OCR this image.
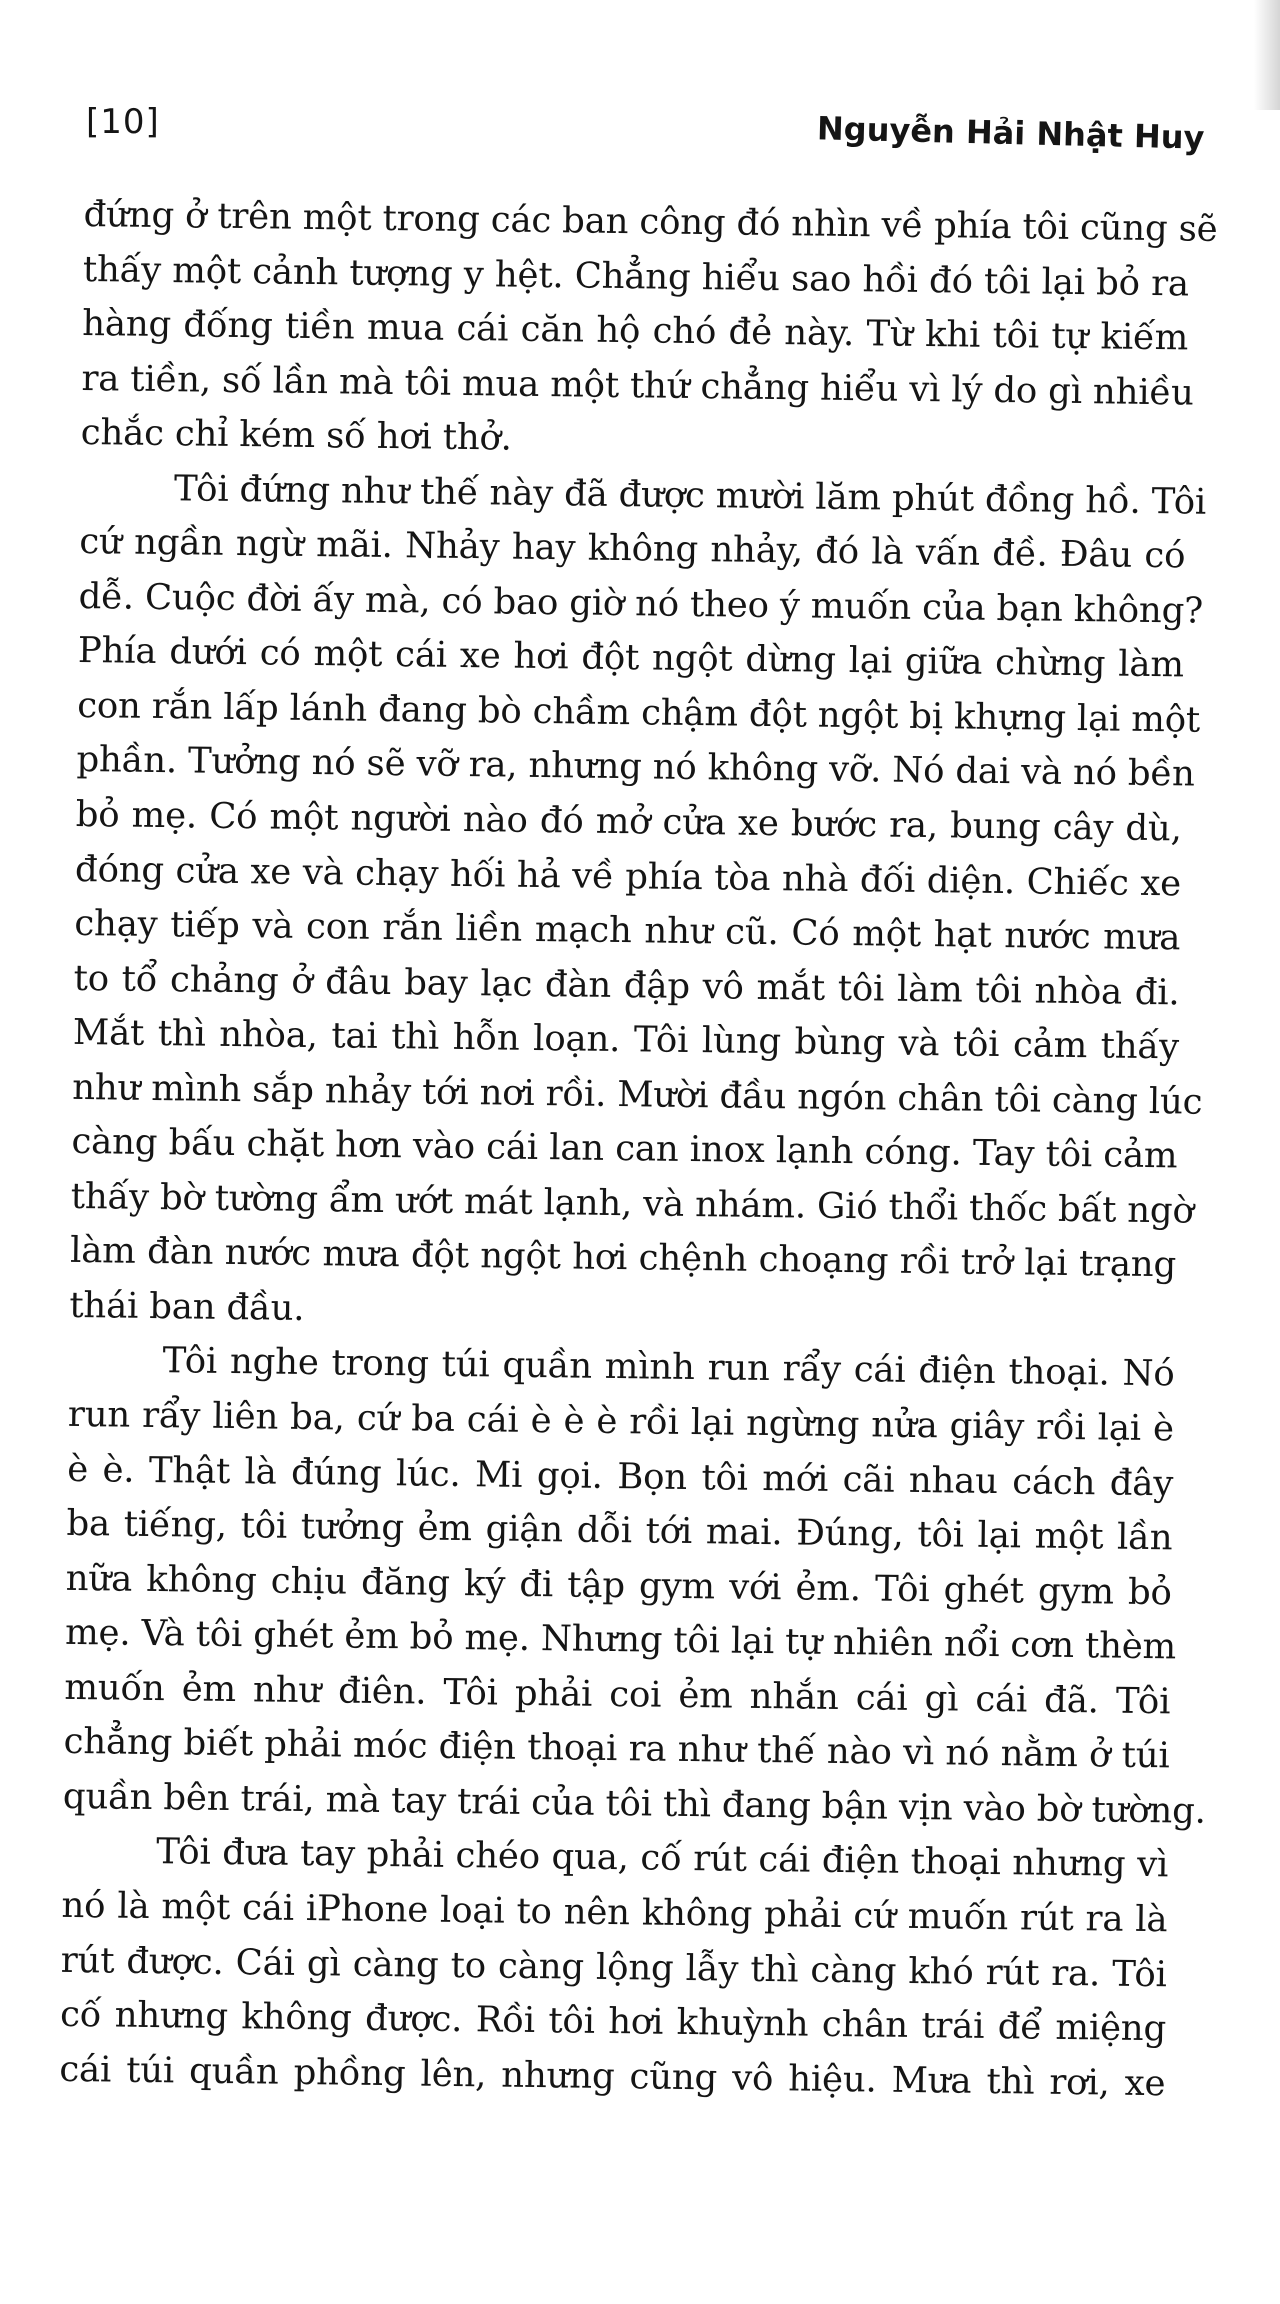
[10]	Nguyễn Hải Nhật Huy
đứng ở trên một trong các ban công đó nhìn về phía tôi cũng sẽ
thấy một cảnh tượng y hệt. Chẳng hiểu sao hồi đó tôi lại bỏ ra
hàng đống tiền mua cái căn hộ chó đẻ này. Từ khi tôi tự kiếm
ra tiền, số lần mà tôi mua một thứ chẳng hiểu vì lý do gì nhiều
chắc chỉ kém số hơi thở.
Tôi đứng như thế này đã được mười lăm phút đồng hồ. Tôi
cứ ngần ngừ mãi. Nhảy hay không nhảy, đó là vấn đề. Đâu có
dễ. Cuộc đời ấy mà, có bao giờ nó theo ý muốn của bạn không?
Phía dưới có một cái xe hơi đột ngột dừng lại giữa chừng làm
con rắn lấp lánh đang bò chầm chậm đột ngột bị khựng lại một
phần. Tưởng nó sẽ vỡ ra, nhưng nó không vỡ. Nó dai và nó bền
bỏ mẹ. Có một người nào đó mở cửa xe bước ra, bung cây dù,
đóng cửa xe và chạy hối hả về phía tòa nhà đối diện. Chiếc xe
chạy tiếp và con rắn liền mạch như cũ. Có một hạt nước mưa
to tổ chảng ở đâu bay lạc đàn đập vô mắt tôi làm tôi nhòa đi.
Mắt thì nhòa, tai thì hỗn loạn. Tôi lùng bùng và tôi cảm thấy
như mình sắp nhảy tới nơi rồi. Mười đầu ngón chân tôi càng lúc
càng bấu chặt hơn vào cái lan can inox lạnh cóng. Tay tôi cảm
thấy bờ tường ẩm ướt mát lạnh, và nhám. Gió thổi thốc bất ngờ
làm đàn nước mưa đột ngột hơi chệnh choạng rồi trở lại trạng
thái ban đầu.
Tôi nghe trong túi quần mình run rẩy cái điện thoại. Nó
run rẩy liên ba, cứ ba cái è è è rồi lại ngừng nửa giây rồi lại è
è è. Thật là đúng lúc. Mi gọi. Bọn tôi mới cãi nhau cách đây
ba tiếng, tôi tưởng ẻm giận dỗi tới mai. Đúng, tôi lại một lần
nữa không chịu đăng ký đi tập gym với ẻm. Tôi ghét gym bỏ
mẹ. Và tôi ghét ẻm bỏ mẹ. Nhưng tôi lại tự nhiên nổi cơn thèm
muốn ẻm như điên. Tôi phải coi ẻm nhắn cái gì cái đã. Tôi
chẳng biết phải móc điện thoại ra như thế nào vì nó nằm ở túi
quần bên trái, mà tay trái của tôi thì đang bận vịn vào bờ tường.
Tôi đưa tay phải chéo qua, cố rút cái điện thoại nhưng vì
nó là một cái iPhone loại to nên không phải cứ muốn rút ra là
rút được. Cái gì càng to càng lộng lẫy thì càng khó rút ra. Tôi
cố nhưng không được. Rồi tôi hơi khuỳnh chân trái để miệng
cái túi quần phồng lên, nhưng cũng vô hiệu. Mưa thì rơi, xe
